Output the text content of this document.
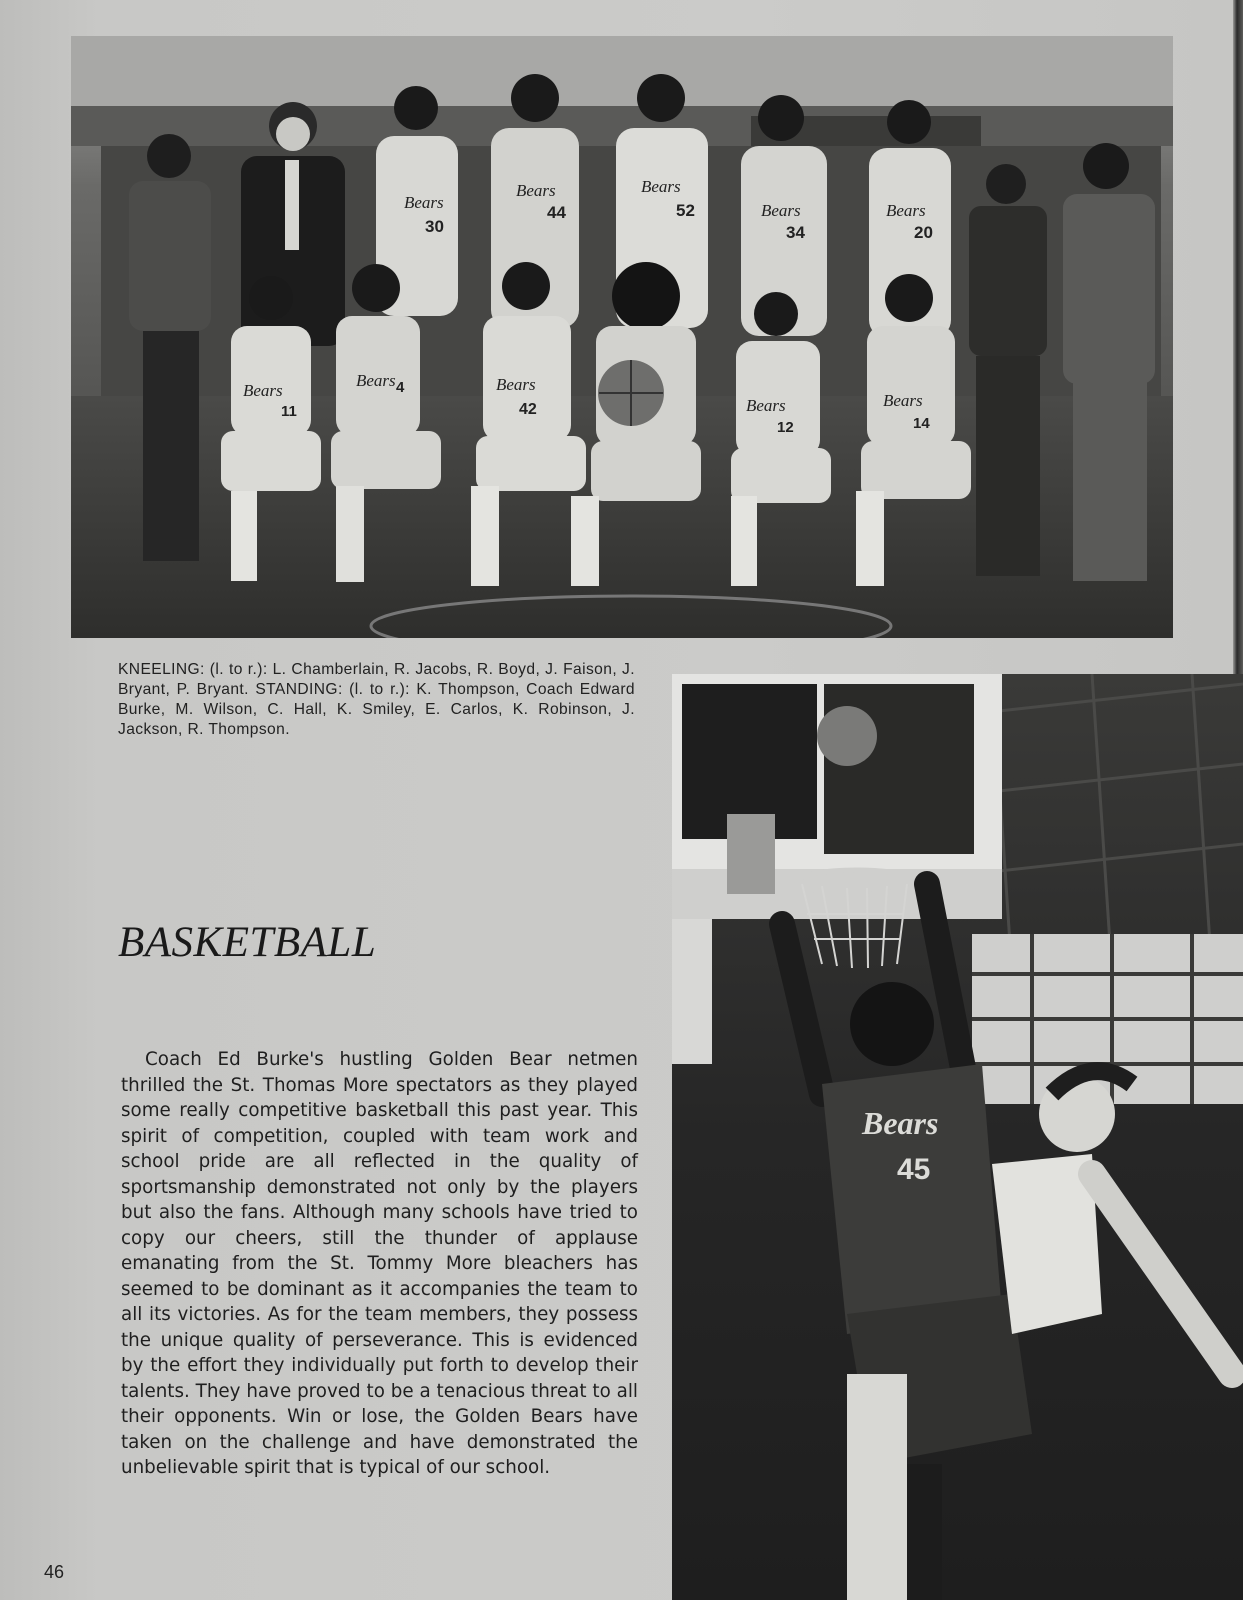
Bears
30
Bears
44
Bears
52	Bears
34
Bears
20
Bears
11
Bears 4	Bears
42	Bears
12
Bears
14
KNEELING: (l. to r.): L. Chamberlain, R. Jacobs, R. Boyd, J. Faison, J. Bryant, P. Bryant. STANDING: (l. to r.): K. Thompson, Coach Edward Burke, M. Wilson, C. Hall, K. Smiley, E. Carlos, K. Robinson, J. Jackson, R. Thompson.
BASKETBALL

Coach Ed Burke's hustling Golden Bear netmen thrilled the St. Thomas More spectators as they played some really competitive basketball this past year. This spirit of competition, coupled with team work and school pride are all reflected in the quality of sportsmanship demonstrated not only by the players but also the fans. Although many schools have tried to copy our cheers, still the thunder of applause emanating from the St. Tommy More bleachers has seemed to be dominant as it accompanies the team to all its victories. As for the team members, they possess the unique quality of perseverance. This is evidenced by the effort they individually put forth to develop their talents. They have proved to be a tenacious threat to all their opponents. Win or lose, the Golden Bears have taken on the challenge and have demonstrated the unbelievable spirit that is typical of our school.

Bears
45
46
